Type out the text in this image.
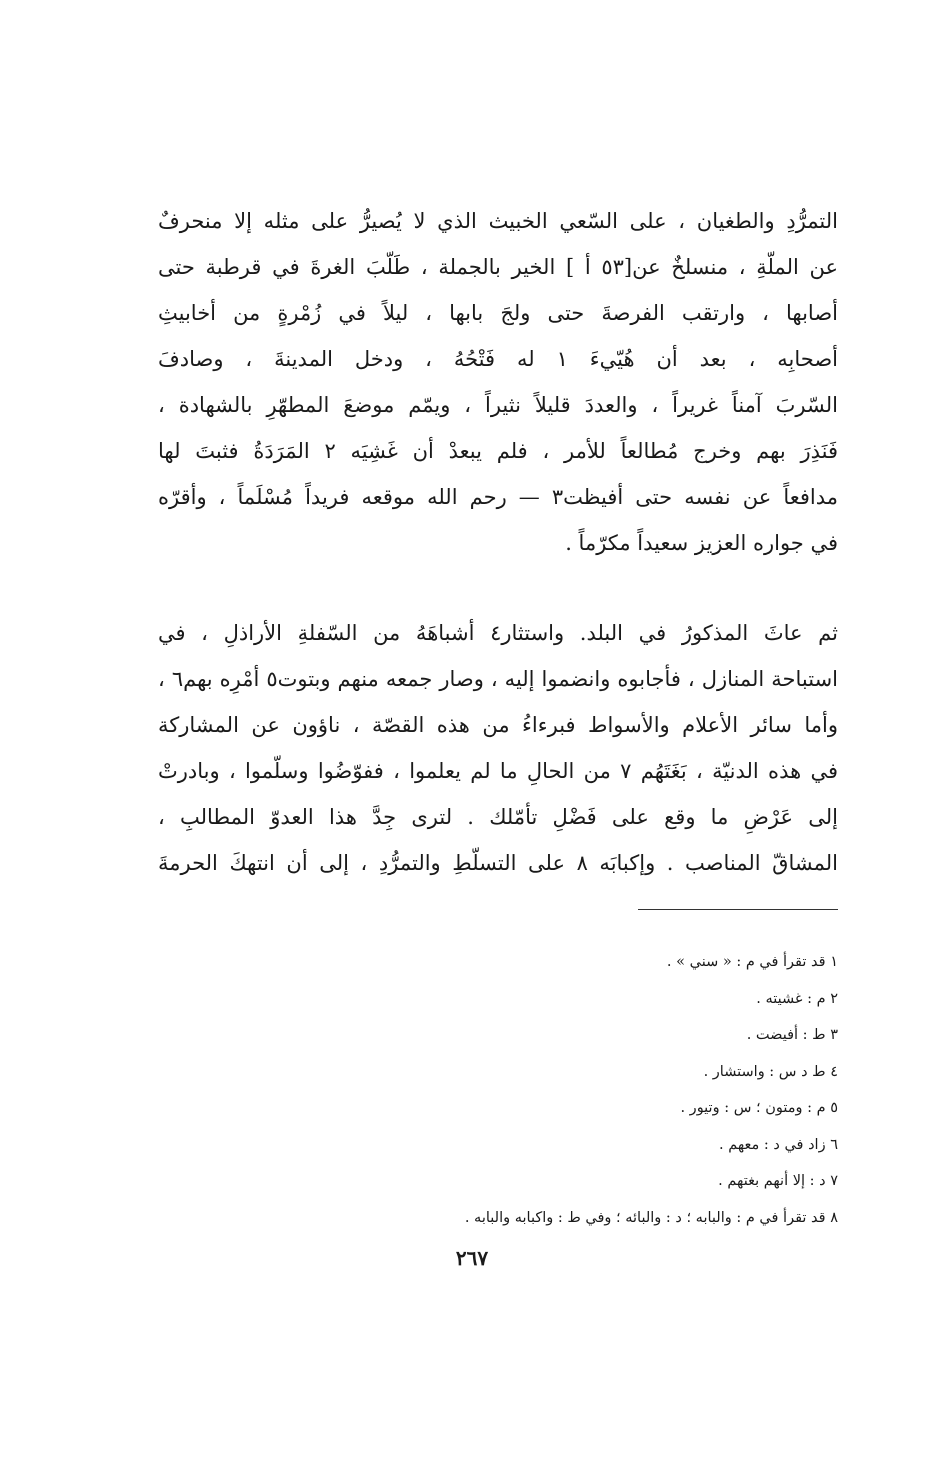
التمرُّدِ والطغيان ، على السّعي الخبيث الذي لا يُصيرُّ على مثله إلا منحرفٌ
عن الملّةِ ، منسلخٌ عن[٥٣ أ ] الخير بالجملة ، طَلّبَ الغرةَ في قرطبة حتى
أصابها ، وارتقب الفرصةَ حتى ولجَ بابها ، ليلاً في زُمْرةٍ من أخابيثِ
أصحابِه ، بعد أن هُيّيءَ ١ له فَتْحُهُ ، ودخل المدينةَ ، وصادفَ
السّربَ آمناً غريراً ، والعددَ قليلاً نثيراً ، ويمّم موضعَ المطهّرِ بالشهادة ،
فَنَذِرَ بهم وخرج مُطالعاً للأمر ، فلم يبعدْ أن غَشِيَه ٢ المَرَدَةُ فثبتَ لها
مدافعاً عن نفسه حتى أفيظت٣ — رحم الله موقعه فريداً مُسْلَماً ، وأقرّه
في جواره العزيز سعيداً مكرّماً .
ثم عاثَ المذكورُ في البلد. واستثار٤ أشباهَهُ من السّفلةِ الأراذلِ ، في
استباحة المنازل ، فأجابوه وانضموا إليه ، وصار جمعه منهم وبتوت٥ أمْرِه بهم٦ ،
وأما سائر الأعلام والأسواط فبرءاءُ من هذه القصّة ، ناؤون عن المشاركة
في هذه الدنيّة ، بَغَتَهُم ٧ من الحالِ ما لم يعلموا ، ففوّضُوا وسلّموا ، وبادرتْ
إلى عَرْضِ ما وقع على فَضْلِ تأمّلك . لترى جِدَّ هذا العدوّ المطالبِ ،
المشاقّ المناصب . وإكبابَه ٨ على التسلّطِ والتمرُّدِ ، إلى أن انتهكَ الحرمةَ
١ قد تقرأ في م : « سني » .
٢ م : غشيته .
٣ ط : أفيضت .
٤ ط د س : واستشار .
٥ م : ومتون ؛ س : وتيور .
٦ زاد في د : معهم .
٧ د : إلا أنهم بغتهم .
٨ قد تقرأ في م : والبابه ؛ د : والبائه ؛ وفي ط : واكبابه والبابه .
٢٦٧
